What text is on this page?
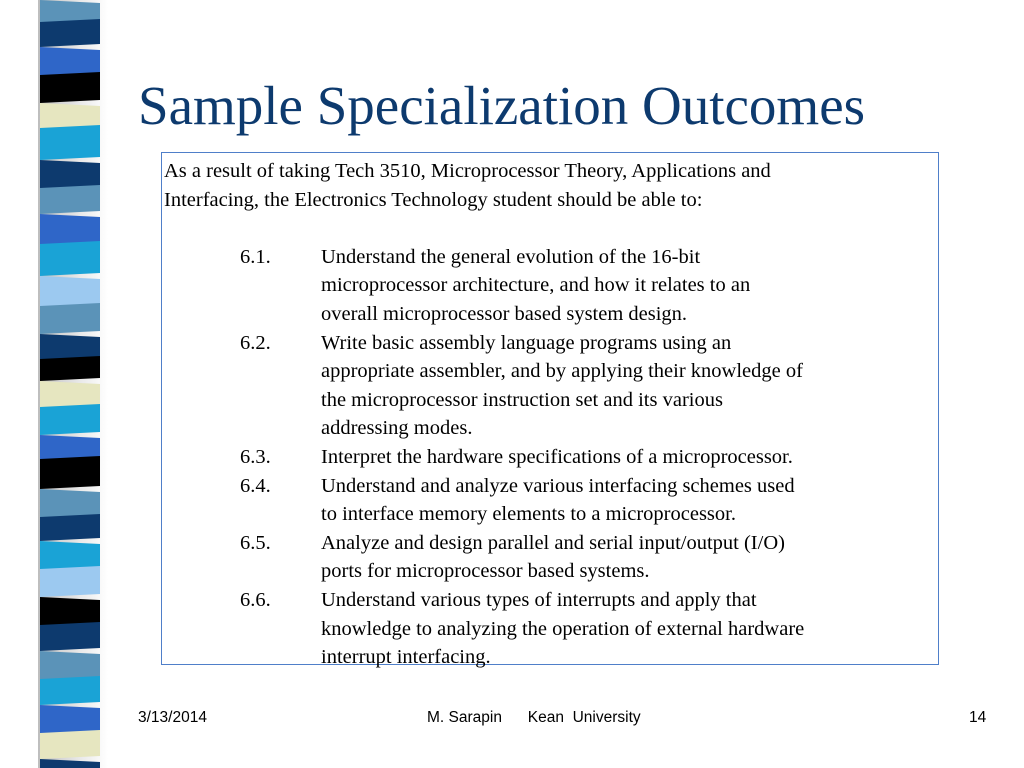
Sample Specialization Outcomes

As a result of taking Tech 3510, Microprocessor Theory, Applications and
Interfacing, the Electronics Technology student should be able to:

6.1.	Understand the general evolution of the 16-bit
microprocessor architecture, and how it relates to an
overall microprocessor based system design.
6.2.	Write basic assembly language programs using an
appropriate assembler, and by applying their knowledge of
the microprocessor instruction set and its various
addressing modes.
6.3.	Interpret the hardware specifications of a microprocessor.
6.4.	Understand and analyze various interfacing schemes used
to interface memory elements to a microprocessor.
6.5.	Analyze and design parallel and serial input/output (I/O)
ports for microprocessor based systems.
6.6.	Understand various types of interrupts and apply that
knowledge to analyzing the operation of external hardware
interrupt interfacing.
3/13/2014	M. Sarapin      Kean  University	14
